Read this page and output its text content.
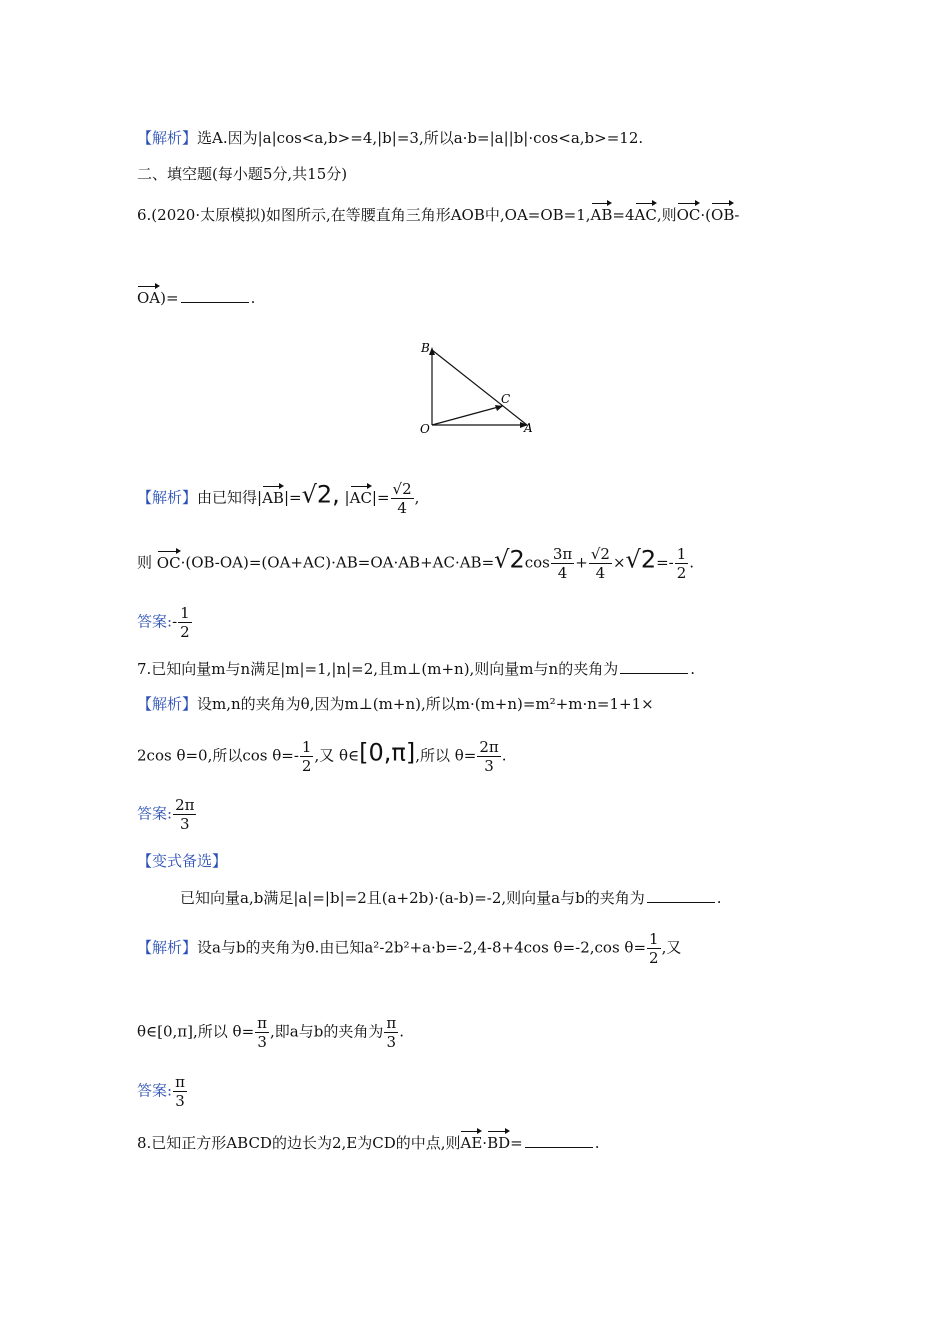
【解析】选A.因为|a|cos<a,b>=4,|b|=3,所以a·b=|a||b|·cos<a,b>=12.
二、填空题(每小题5分,共15分)
6.(2020·太原模拟)如图所示,在等腰直角三角形AOB中,OA=OB=1,AB=4AC,则OC·(OB-
OA)=	.
B
C
O	A
【解析】由已知得|AB|=√2, $|AC|= \frac{√2}{4}$ ,
则 $OC\cdot(OB-OA)=(OA+AC)\cdot AB=OA\cdot AB+AC\cdot AB=√2\cos \frac{3\pi}{4} + \frac{√2}{4} \times√2=- \frac{1}{2}$ .
答案:- $\frac{1}{2}$
7.已知向量m与n满足|m|=1,|n|=2,且m⊥(m+n),则向量m与n的夹角为	.
【解析】设m,n的夹角为θ,因为m⊥(m+n),所以m·(m+n)=m²+m·n=1+1×
2cos θ=0,所以$\cos \theta=- \frac{1}{2}$ ,又 θ∈[0,π],所以 $\theta= \frac{2\pi}{3}$ .
答案: $\frac{2\pi}{3}$
【变式备选】
已知向量a,b满足|a|=|b|=2且(a+2b)·(a-b)=-2,则向量a与b的夹角为	.
【解析】设a与b的夹角为θ.由已知a²-2b²+a·b=-2,4-8+4cos θ=-2,cos $\theta= \frac{1}{2}$ ,又
θ∈[0,π],所以 $\theta= \frac{\pi}{3}$ ,即a与b的夹角为 $\frac{\pi}{3}$ .
答案: $\frac{\pi}{3}$
8.已知正方形ABCD的边长为2,E为CD的中点,则AE·BD=	.
